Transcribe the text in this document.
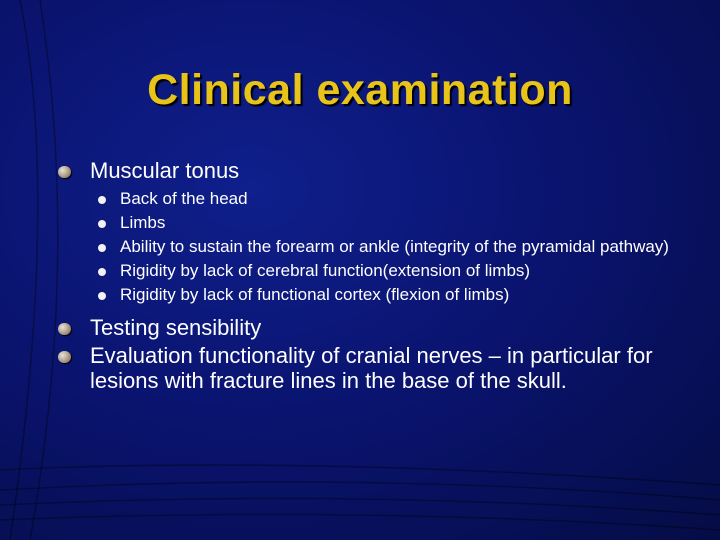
Clinical examination
Muscular tonus
Back of the head
Limbs
Ability to sustain the forearm or ankle (integrity of the pyramidal pathway)
Rigidity by lack of cerebral function(extension of limbs)
Rigidity by lack of functional cortex (flexion of limbs)
Testing sensibility
Evaluation functionality of cranial nerves – in particular for lesions with fracture lines in the base of the skull.
